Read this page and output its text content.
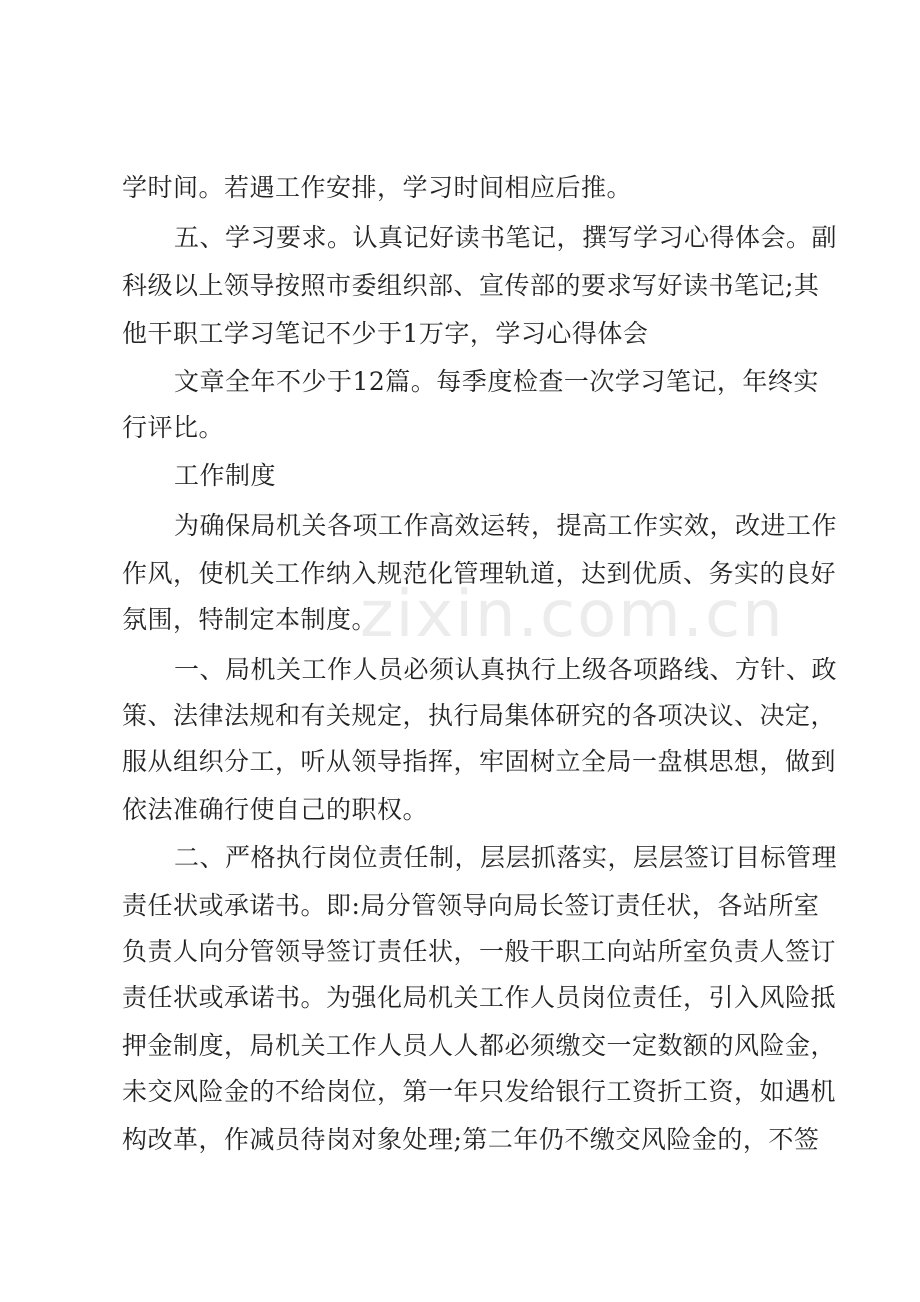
zixin.com.cn
学时间。若遇工作安排，学习时间相应后推。
五、学习要求。认真记好读书笔记，撰写学习心得体会。副
科级以上领导按照市委组织部、宣传部的要求写好读书笔记;其
他干职工学习笔记不少于1万字，学习心得体会
文章全年不少于12篇。每季度检查一次学习笔记，年终实
行评比。
工作制度
为确保局机关各项工作高效运转，提高工作实效，改进工作
作风，使机关工作纳入规范化管理轨道，达到优质、务实的良好
氛围，特制定本制度。
一、局机关工作人员必须认真执行上级各项路线、方针、政
策、法律法规和有关规定，执行局集体研究的各项决议、决定，
服从组织分工，听从领导指挥，牢固树立全局一盘棋思想，做到
依法准确行使自己的职权。
二、严格执行岗位责任制，层层抓落实，层层签订目标管理
责任状或承诺书。即:局分管领导向局长签订责任状，各站所室
负责人向分管领导签订责任状，一般干职工向站所室负责人签订
责任状或承诺书。为强化局机关工作人员岗位责任，引入风险抵
押金制度，局机关工作人员人人都必须缴交一定数额的风险金，
未交风险金的不给岗位，第一年只发给银行工资折工资，如遇机
构改革，作减员待岗对象处理;第二年仍不缴交风险金的，不签
